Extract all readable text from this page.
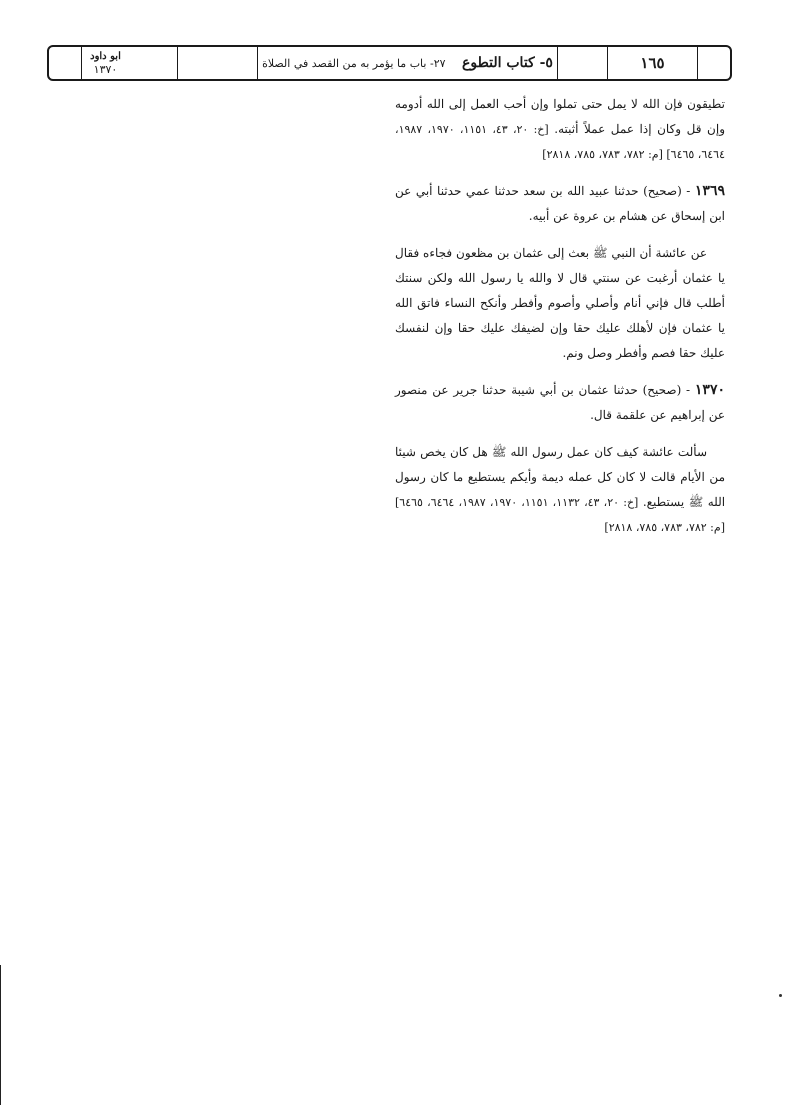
ابو داود
١٣٧٠	٥- كتاب التطوع    ٢٧- باب ما يؤمر به من القصد في الصلاة	١٦٥

تطيقون فإن الله لا يمل حتى تملوا وإن أحب العمل إلى الله أدومه وإن قل وكان إذا عمل عملاً أثبته. [خ: ٢٠، ٤٣، ١١٥١، ١٩٧٠، ١٩٨٧، ٦٤٦٤، ٦٤٦٥] [م: ٧٨٢، ٧٨٣، ٧٨٥، ٢٨١٨]

١٣٦٩ - (صحيح) حدثنا عبيد الله بن سعد حدثنا عمي حدثنا أبي عن ابن إسحاق عن هشام بن عروة عن أبيه.

عن عائشة أن النبي ﷺ بعث إلى عثمان بن مظعون فجاءه فقال يا عثمان أرغبت عن سنتي قال لا والله يا رسول الله ولكن سنتك أطلب قال فإني أنام وأصلي وأصوم وأفطر وأنكح النساء فاتق الله يا عثمان فإن لأهلك عليك حقا وإن لضيفك عليك حقا وإن لنفسك عليك حقا فصم وأفطر وصل ونم.

١٣٧٠ - (صحيح) حدثنا عثمان بن أبي شيبة حدثنا جرير عن منصور عن إبراهيم عن علقمة قال.

سألت عائشة كيف كان عمل رسول الله ﷺ هل كان يخص شيئا من الأيام قالت لا كان كل عمله ديمة وأيكم يستطيع ما كان رسول الله ﷺ يستطيع. [خ: ٢٠، ٤٣، ١١٣٢، ١١٥١، ١٩٧٠، ١٩٨٧، ٦٤٦٤، ٦٤٦٥] [م: ٧٨٢، ٧٨٣، ٧٨٥، ٢٨١٨]
